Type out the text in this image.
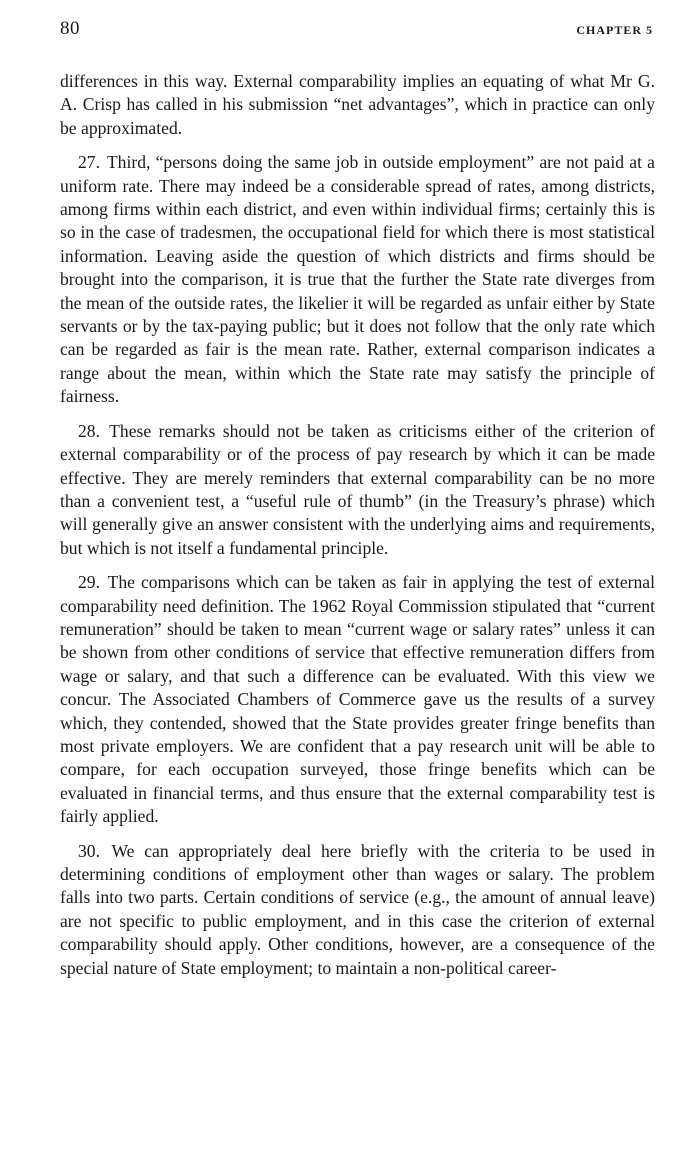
80	CHAPTER 5

differences in this way. External comparability implies an equating of what Mr G. A. Crisp has called in his submission “net advantages”, which in practice can only be approximated.

27. Third, “persons doing the same job in outside employment” are not paid at a uniform rate. There may indeed be a considerable spread of rates, among districts, among firms within each district, and even within individual firms; certainly this is so in the case of tradesmen, the occupational field for which there is most statistical information. Leaving aside the question of which districts and firms should be brought into the comparison, it is true that the further the State rate diverges from the mean of the outside rates, the likelier it will be regarded as unfair either by State servants or by the tax-paying public; but it does not follow that the only rate which can be regarded as fair is the mean rate. Rather, external comparison indicates a range about the mean, within which the State rate may satisfy the principle of fairness.

28. These remarks should not be taken as criticisms either of the criterion of external comparability or of the process of pay research by which it can be made effective. They are merely reminders that external comparability can be no more than a convenient test, a “useful rule of thumb” (in the Treasury’s phrase) which will generally give an answer consistent with the underlying aims and requirements, but which is not itself a fundamental principle.

29. The comparisons which can be taken as fair in applying the test of external comparability need definition. The 1962 Royal Commission stipulated that “current remuneration” should be taken to mean “current wage or salary rates” unless it can be shown from other conditions of service that effective remuneration differs from wage or salary, and that such a difference can be evaluated. With this view we concur. The Associated Chambers of Commerce gave us the results of a survey which, they contended, showed that the State provides greater fringe benefits than most private employers. We are confident that a pay research unit will be able to compare, for each occupation surveyed, those fringe benefits which can be evaluated in financial terms, and thus ensure that the external comparability test is fairly applied.

30. We can appropriately deal here briefly with the criteria to be used in determining conditions of employment other than wages or salary. The problem falls into two parts. Certain conditions of service (e.g., the amount of annual leave) are not specific to public employment, and in this case the criterion of external comparability should apply. Other conditions, however, are a consequence of the special nature of State employment; to maintain a non-political career-
